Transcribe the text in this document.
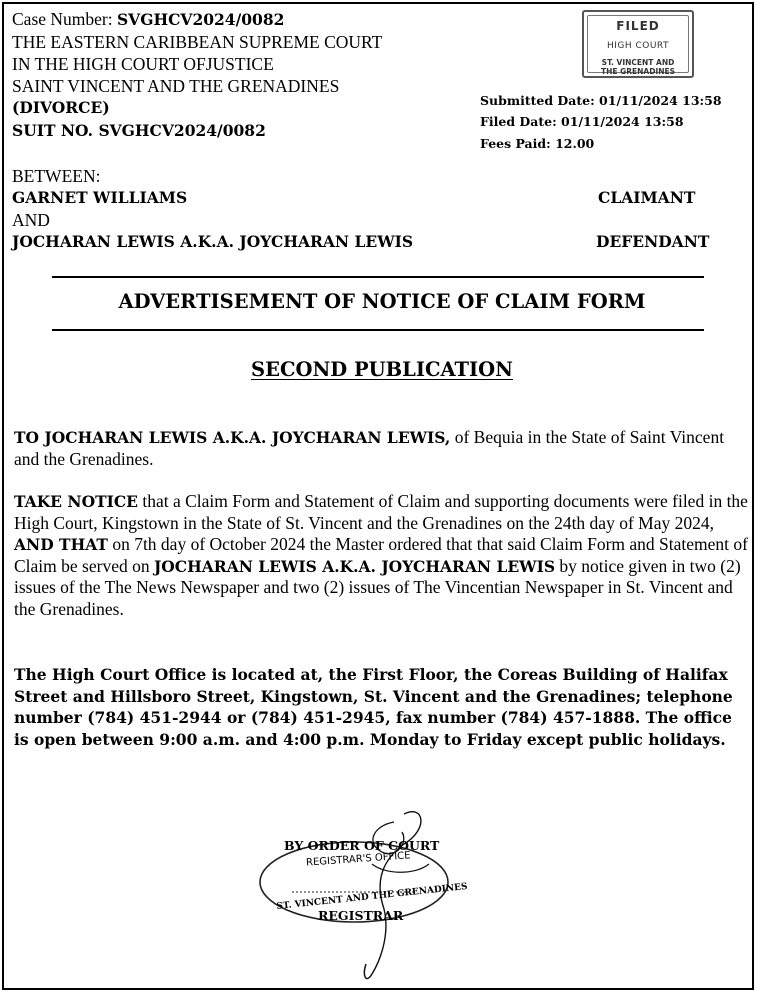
Case Number: SVGHCV2024/0082
THE EASTERN CARIBBEAN SUPREME COURT
IN THE HIGH COURT OFJUSTICE
SAINT VINCENT AND THE GRENADINES
(DIVORCE)
SUIT NO. SVGHCV2024/0082
FILED
HIGH COURT
ST. VINCENT AND
THE GRENADINES
Submitted Date: 01/11/2024 13:58
Filed Date: 01/11/2024 13:58
Fees Paid: 12.00
BETWEEN:
GARNET WILLIAMS	CLAIMANT
AND
JOCHARAN LEWIS A.K.A. JOYCHARAN LEWIS	DEFENDANT
ADVERTISEMENT OF NOTICE OF CLAIM FORM
SECOND PUBLICATION
TO JOCHARAN LEWIS A.K.A. JOYCHARAN LEWIS, of Bequia in the State of Saint Vincent and the Grenadines.
TAKE NOTICE that a Claim Form and Statement of Claim and supporting documents were filed in the High Court, Kingstown in the State of St. Vincent and the Grenadines on the 24th day of May 2024, AND THAT on 7th day of October 2024 the Master ordered that that said Claim Form and Statement of Claim be served on JOCHARAN LEWIS A.K.A. JOYCHARAN LEWIS by notice given in two (2) issues of the The News Newspaper and two (2) issues of The Vincentian Newspaper in St. Vincent and the Grenadines.
The High Court Office is located at, the First Floor, the Coreas Building of Halifax Street and Hillsboro Street, Kingstown, St. Vincent and the Grenadines; telephone number (784) 451-2944 or (784) 451-2945, fax number (784) 457-1888. The office is open between 9:00 a.m. and 4:00 p.m. Monday to Friday except public holidays.
BY ORDER OF COURT
REGISTRAR'S OFFICE
ST. VINCENT AND THE GRENADINES
REGISTRAR
